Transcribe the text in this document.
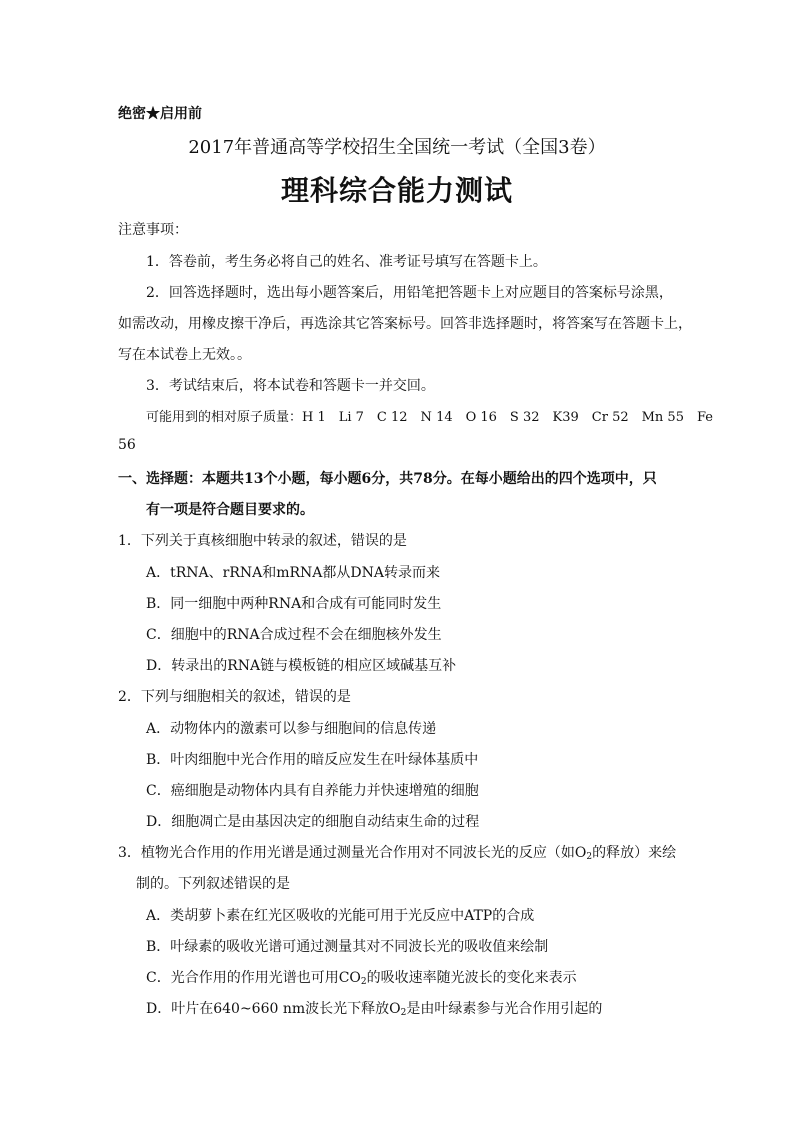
绝密★启用前
2017年普通高等学校招生全国统一考试（全国3卷）
理科综合能力测试
注意事项：
1．答卷前，考生务必将自己的姓名、准考证号填写在答题卡上。
2．回答选择题时，选出每小题答案后，用铅笔把答题卡上对应题目的答案标号涂黑，
如需改动，用橡皮擦干净后，再选涂其它答案标号。回答非选择题时，将答案写在答题卡上，
写在本试卷上无效。。
3．考试结束后，将本试卷和答题卡一并交回。
可能用到的相对原子质量：H 1　Li 7　C 12　N 14　O 16　S 32　K39　Cr 52　Mn 55　Fe
56
一、选择题：本题共13个小题，每小题6分，共78分。在每小题给出的四个选项中，只
有一项是符合题目要求的。
1．下列关于真核细胞中转录的叙述，错误的是
A．tRNA、rRNA和mRNA都从DNA转录而来
B．同一细胞中两种RNA和合成有可能同时发生
C．细胞中的RNA合成过程不会在细胞核外发生
D．转录出的RNA链与模板链的相应区域碱基互补
2．下列与细胞相关的叙述，错误的是
A．动物体内的激素可以参与细胞间的信息传递
B．叶肉细胞中光合作用的暗反应发生在叶绿体基质中
C．癌细胞是动物体内具有自养能力并快速增殖的细胞
D．细胞凋亡是由基因决定的细胞自动结束生命的过程
3．植物光合作用的作用光谱是通过测量光合作用对不同波长光的反应（如$O_2$的释放）来绘
制的。下列叙述错误的是
A．类胡萝卜素在红光区吸收的光能可用于光反应中ATP的合成
B．叶绿素的吸收光谱可通过测量其对不同波长光的吸收值来绘制
C．光合作用的作用光谱也可用$CO_2$的吸收速率随光波长的变化来表示
D．叶片在640~660 nm波长光下释放$O_2$是由叶绿素参与光合作用引起的
